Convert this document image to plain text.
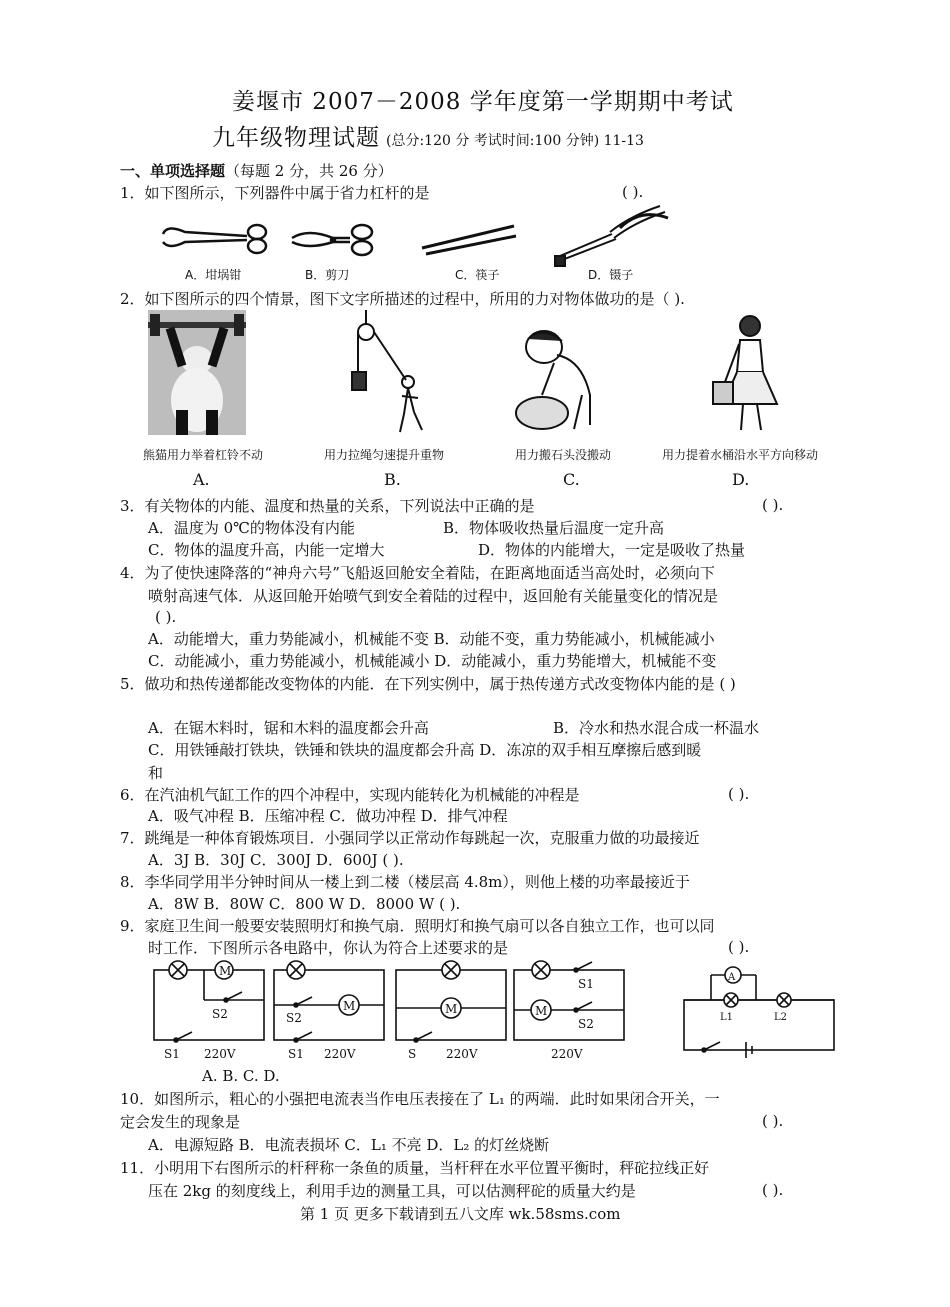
姜堰市 2007－2008 学年度第一学期期中考试
九年级物理试题 (总分:120 分 考试时间:100 分钟) 11-13
一、单项选择题（每题 2 分，共 26 分）
1．如下图所示，下列器件中属于省力杠杆的是	( ).
A．坩埚钳	B．剪刀	C．筷子	D．镊子
2．如下图所示的四个情景，图下文字所描述的过程中，所用的力对物体做功的是（ ).
熊猫用力举着杠铃不动	用力拉绳匀速提升重物	用力搬石头没搬动	用力提着水桶沿水平方向移动
A.	B.	C.	D.
3．有关物体的内能、温度和热量的关系，下列说法中正确的是	( ).
A．温度为 0℃的物体没有内能	B．物体吸收热量后温度一定升高
C．物体的温度升高，内能一定增大	D．物体的内能增大，一定是吸收了热量
4．为了使快速降落的“神舟六号”飞船返回舱安全着陆，在距离地面适当高处时，必须向下
喷射高速气体．从返回舱开始喷气到安全着陆的过程中，返回舱有关能量变化的情况是
( ).
A．动能增大，重力势能减小，机械能不变 B．动能不变，重力势能减小，机械能减小
C．动能减小，重力势能减小，机械能减小 D．动能减小，重力势能增大，机械能不变
5．做功和热传递都能改变物体的内能．在下列实例中，属于热传递方式改变物体内能的是 ( )
A．在锯木料时，锯和木料的温度都会升高	B．冷水和热水混合成一杯温水
C．用铁锤敲打铁块，铁锤和铁块的温度都会升高 D．冻凉的双手相互摩擦后感到暖
和
6．在汽油机气缸工作的四个冲程中，实现内能转化为机械能的冲程是	( ).
A．吸气冲程 B．压缩冲程 C．做功冲程 D．排气冲程
7．跳绳是一种体育锻炼项目．小强同学以正常动作每跳起一次，克服重力做的功最接近
A．3J B．30J C．300J D．600J ( ).
8．李华同学用半分钟时间从一楼上到二楼（楼层高 4.8m），则他上楼的功率最接近于
A．8W B．80W C．800 W D．8000 W ( ).
9．家庭卫生间一般要安装照明灯和换气扇．照明灯和换气扇可以各自独立工作，也可以同
时工作．下图所示各电路中，你认为符合上述要求的是	( ).
M
M	M	M
A
S2
S1 220V
S2
S1 220V	S 220V
S1
S2
220V
L1	L2
A. B. C. D.
10．如图所示，粗心的小强把电流表当作电压表接在了 L₁ 的两端．此时如果闭合开关，一
定会发生的现象是	( ).
A．电源短路 B．电流表损坏 C．L₁ 不亮 D．L₂ 的灯丝烧断
11．小明用下右图所示的杆秤称一条鱼的质量，当杆秤在水平位置平衡时，秤砣拉线正好
压在 2kg 的刻度线上，利用手边的测量工具，可以估测秤砣的质量大约是	( ).
第 1 页 更多下载请到五八文库 wk.58sms.com
